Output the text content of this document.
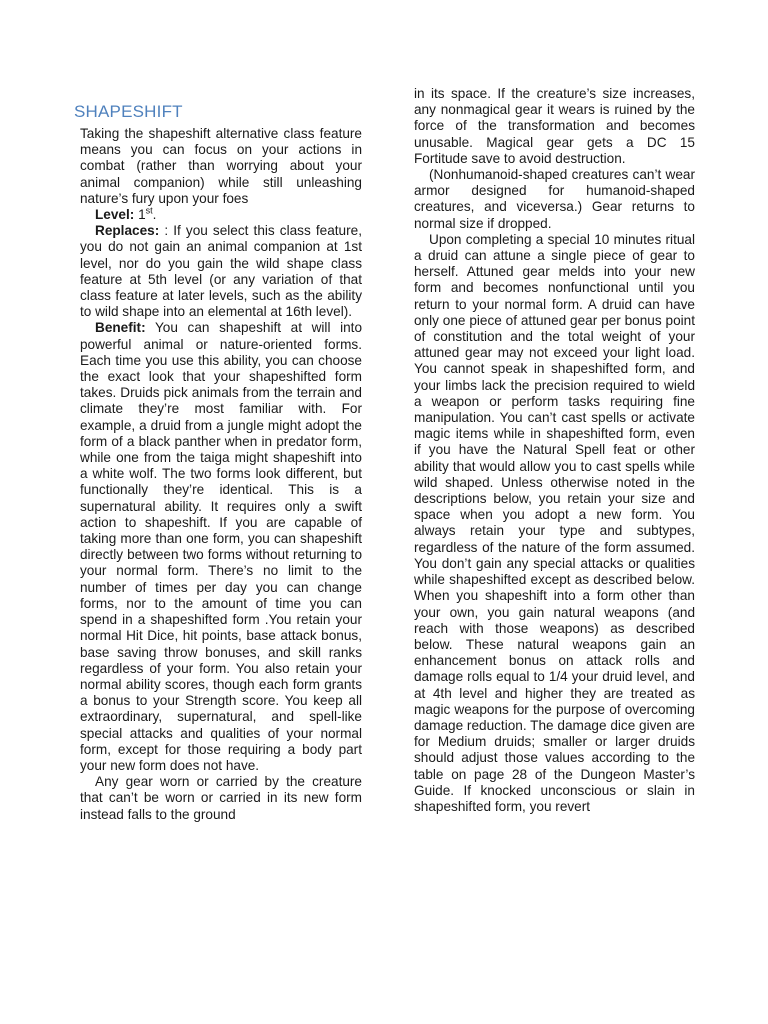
SHAPESHIFT

Taking the shapeshift alternative class feature means you can focus on your actions in combat (rather than worrying about your animal companion) while still unleashing nature’s fury upon your foes

Level: 1st.

Replaces: : If you select this class feature, you do not gain an animal companion at 1st level, nor do you gain the wild shape class feature at 5th level (or any variation of that class feature at later levels, such as the ability to wild shape into an elemental at 16th level).

Benefit: You can shapeshift at will into powerful animal or nature-oriented forms. Each time you use this ability, you can choose the exact look that your shapeshifted form takes. Druids pick animals from the terrain and climate they’re most familiar with. For example, a druid from a jungle might adopt the form of a black panther when in predator form, while one from the taiga might shapeshift into a white wolf. The two forms look different, but functionally they’re identical. This is a supernatural ability. It requires only a swift action to shapeshift. If you are capable of taking more than one form, you can shapeshift directly between two forms without returning to your normal form. There’s no limit to the number of times per day you can change forms, nor to the amount of time you can spend in a shapeshifted form .You retain your normal Hit Dice, hit points, base attack bonus, base saving throw bonuses, and skill ranks regardless of your form. You also retain your normal ability scores, though each form grants a bonus to your Strength score. You keep all extraordinary, supernatural, and spell-like special attacks and qualities of your normal form, except for those requiring a body part your new form does not have.

Any gear worn or carried by the creature that can’t be worn or carried in its new form instead falls to the ground

in its space. If the creature’s size increases, any nonmagical gear it wears is ruined by the force of the transformation and becomes unusable. Magical gear gets a DC 15 Fortitude save to avoid destruction.

(Nonhumanoid-shaped creatures can’t wear armor designed for humanoid-shaped creatures, and viceversa.) Gear returns to normal size if dropped.

Upon completing a special 10 minutes ritual a druid can attune a single piece of gear to herself. Attuned gear melds into your new form and becomes nonfunctional until you return to your normal form. A druid can have only one piece of attuned gear per bonus point of constitution and the total weight of your attuned gear may not exceed your light load. You cannot speak in shapeshifted form, and your limbs lack the precision required to wield a weapon or perform tasks requiring fine manipulation. You can’t cast spells or activate magic items while in shapeshifted form, even if you have the Natural Spell feat or other ability that would allow you to cast spells while wild shaped. Unless otherwise noted in the descriptions below, you retain your size and space when you adopt a new form. You always retain your type and subtypes, regardless of the nature of the form assumed. You don’t gain any special attacks or qualities while shapeshifted except as described below. When you shapeshift into a form other than your own, you gain natural weapons (and reach with those weapons) as described below. These natural weapons gain an enhancement bonus on attack rolls and damage rolls equal to 1/4 your druid level, and at 4th level and higher they are treated as magic weapons for the purpose of overcoming damage reduction. The damage dice given are for Medium druids; smaller or larger druids should adjust those values according to the table on page 28 of the Dungeon Master’s Guide. If knocked unconscious or slain in shapeshifted form, you revert
